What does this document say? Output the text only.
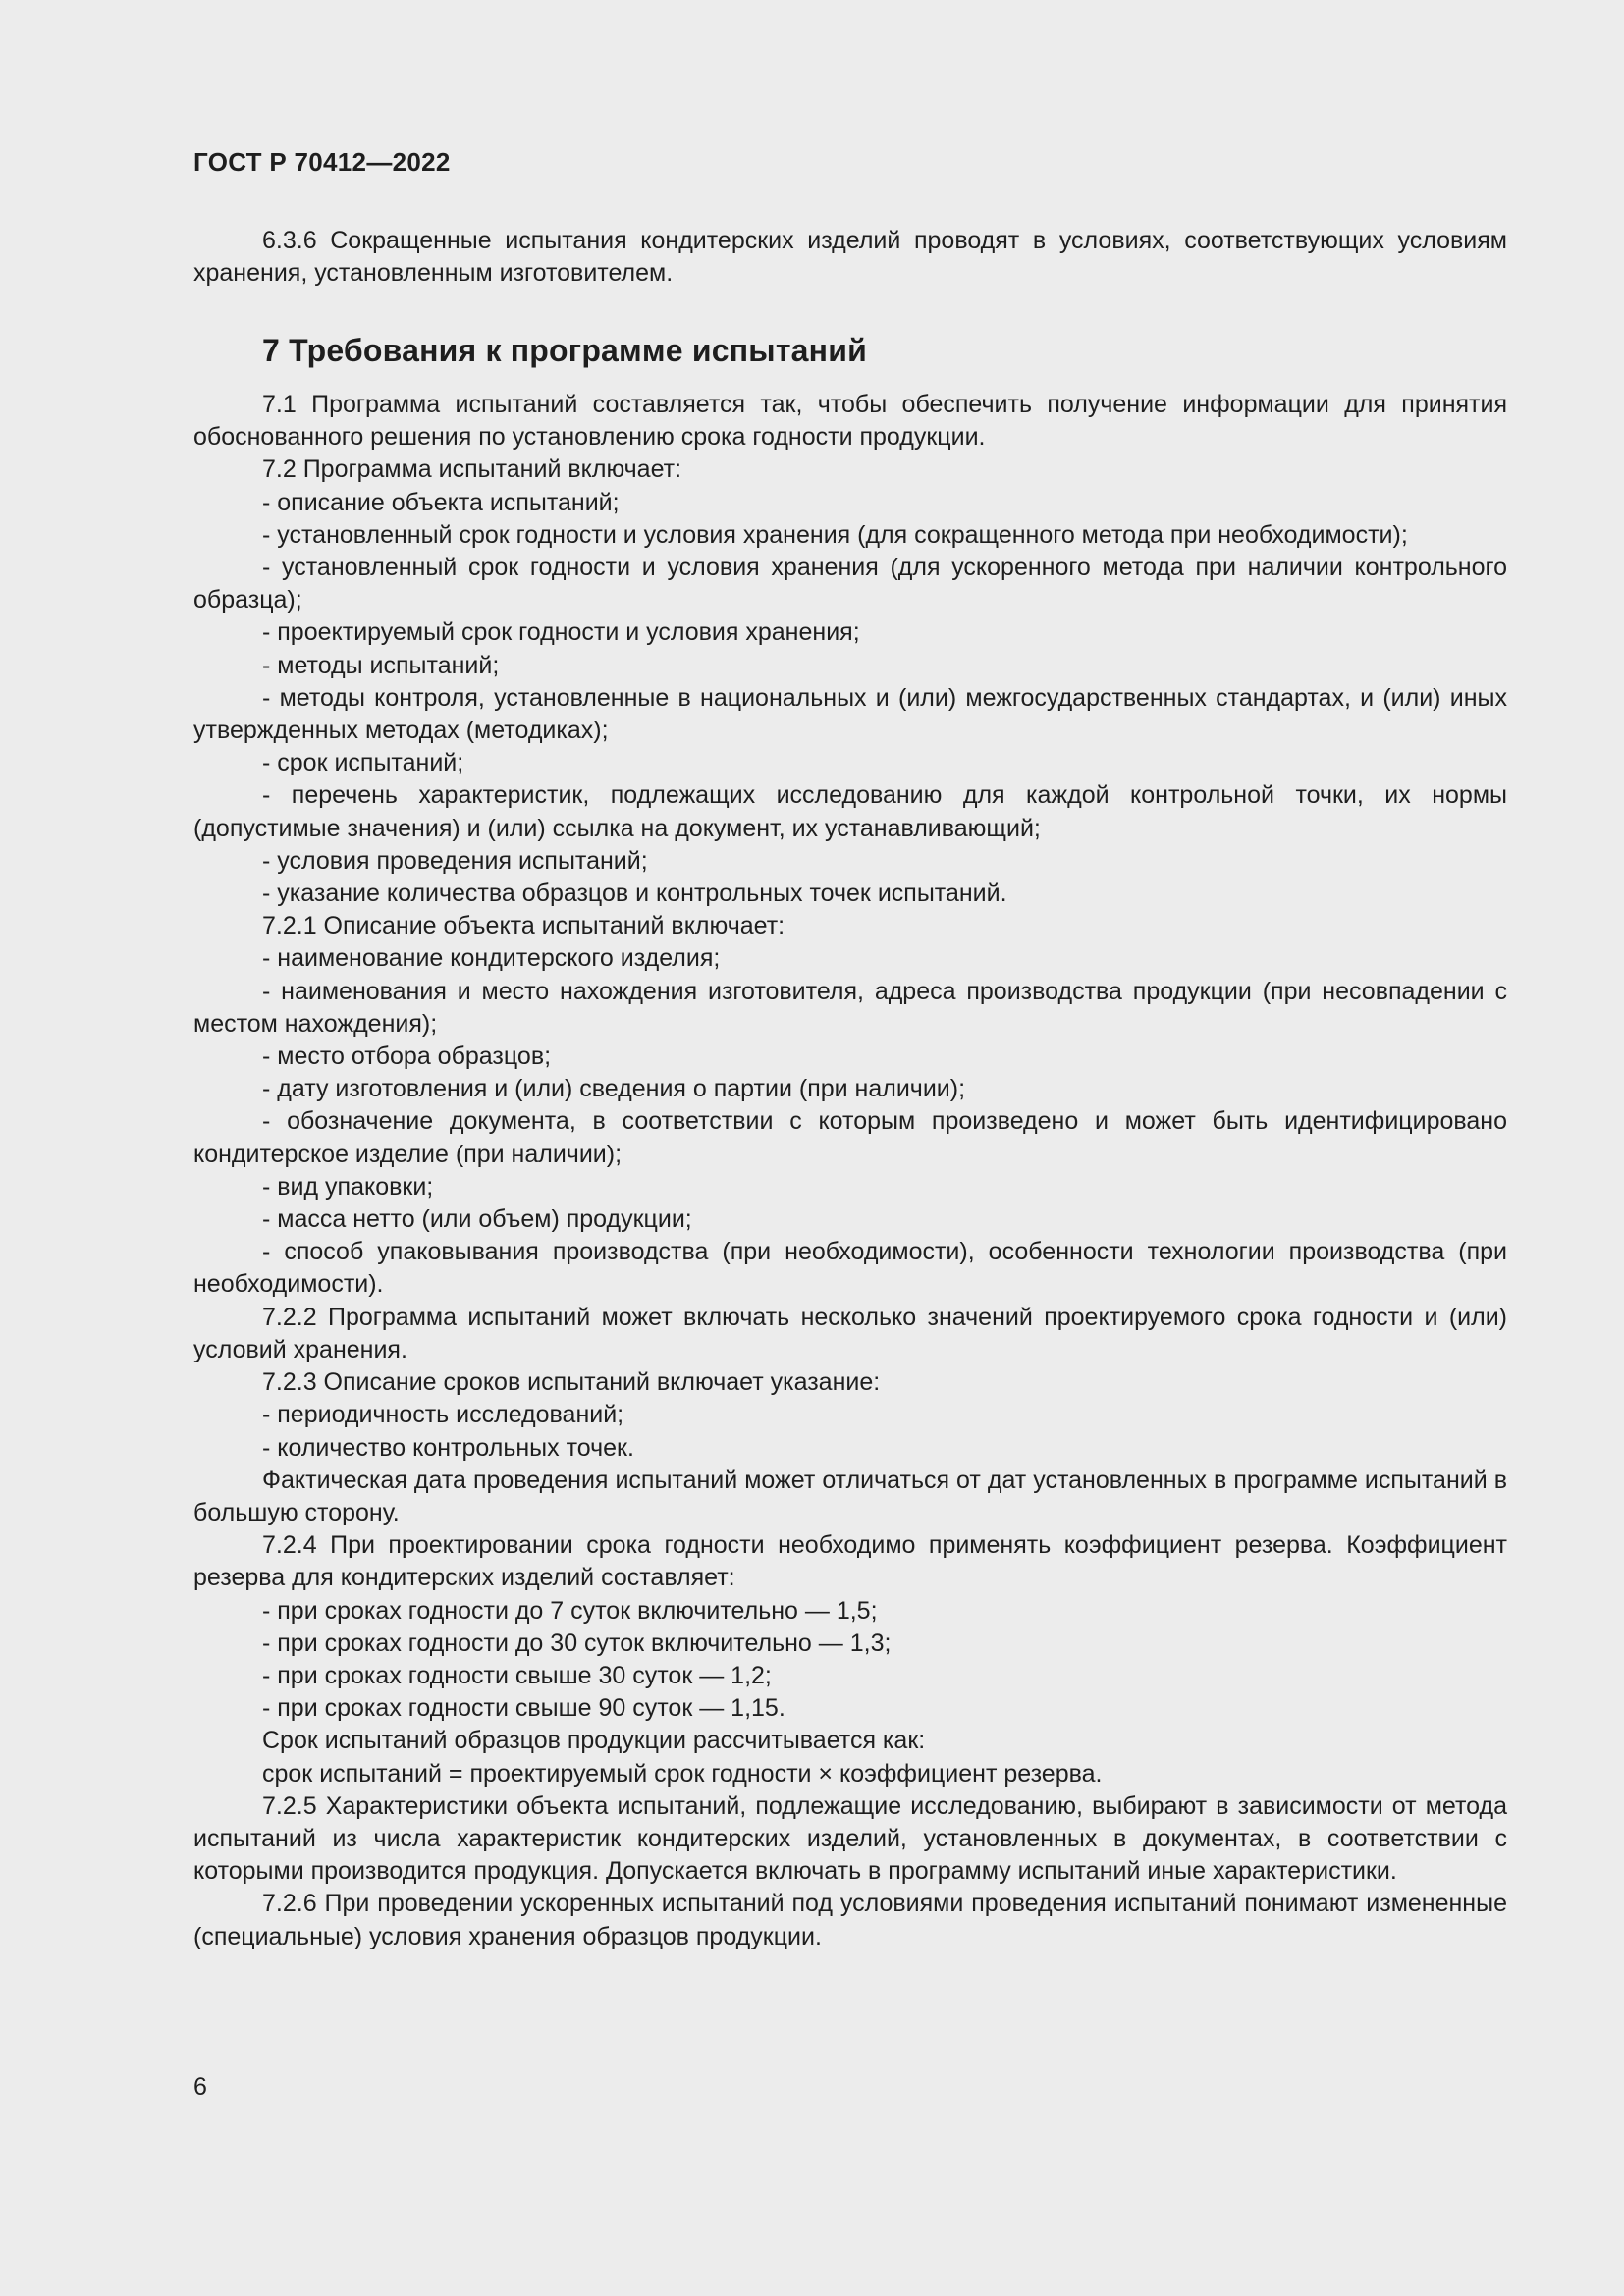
ГОСТ Р 70412—2022

6.3.6 Сокращенные испытания кондитерских изделий проводят в условиях, соответствующих условиям хранения, установленным изготовителем.

7 Требования к программе испытаний

7.1 Программа испытаний составляется так, чтобы обеспечить получение информации для принятия обоснованного решения по установлению срока годности продукции.

7.2 Программа испытаний включает:

- описание объекта испытаний;

- установленный срок годности и условия хранения (для сокращенного метода при необходимости);

- установленный срок годности и условия хранения (для ускоренного метода при наличии контрольного образца);

- проектируемый срок годности и условия хранения;

- методы испытаний;

- методы контроля, установленные в национальных и (или) межгосударственных стандартах, и (или) иных утвержденных методах (методиках);

- срок испытаний;

- перечень характеристик, подлежащих исследованию для каждой контрольной точки, их нормы (допустимые значения) и (или) ссылка на документ, их устанавливающий;

- условия проведения испытаний;

- указание количества образцов и контрольных точек испытаний.

7.2.1 Описание объекта испытаний включает:

- наименование кондитерского изделия;

- наименования и место нахождения изготовителя, адреса производства продукции (при несовпадении с местом нахождения);

- место отбора образцов;

- дату изготовления и (или) сведения о партии (при наличии);

- обозначение документа, в соответствии с которым произведено и может быть идентифицировано кондитерское изделие (при наличии);

- вид упаковки;

- масса нетто (или объем) продукции;

- способ упаковывания производства (при необходимости), особенности технологии производства (при необходимости).

7.2.2 Программа испытаний может включать несколько значений проектируемого срока годности и (или) условий хранения.

7.2.3 Описание сроков испытаний включает указание:

- периодичность исследований;

- количество контрольных точек.

Фактическая дата проведения испытаний может отличаться от дат установленных в программе испытаний в большую сторону.

7.2.4 При проектировании срока годности необходимо применять коэффициент резерва. Коэффициент резерва для кондитерских изделий составляет:

- при сроках годности до 7 суток включительно — 1,5;

- при сроках годности до 30 суток включительно — 1,3;

- при сроках годности свыше 30 суток — 1,2;

- при сроках годности свыше 90 суток — 1,15.

Срок испытаний образцов продукции рассчитывается как:

срок испытаний = проектируемый срок годности × коэффициент резерва.

7.2.5 Характеристики объекта испытаний, подлежащие исследованию, выбирают в зависимости от метода испытаний из числа характеристик кондитерских изделий, установленных в документах, в соответствии с которыми производится продукция. Допускается включать в программу испытаний иные характеристики.

7.2.6 При проведении ускоренных испытаний под условиями проведения испытаний понимают измененные (специальные) условия хранения образцов продукции.

6
